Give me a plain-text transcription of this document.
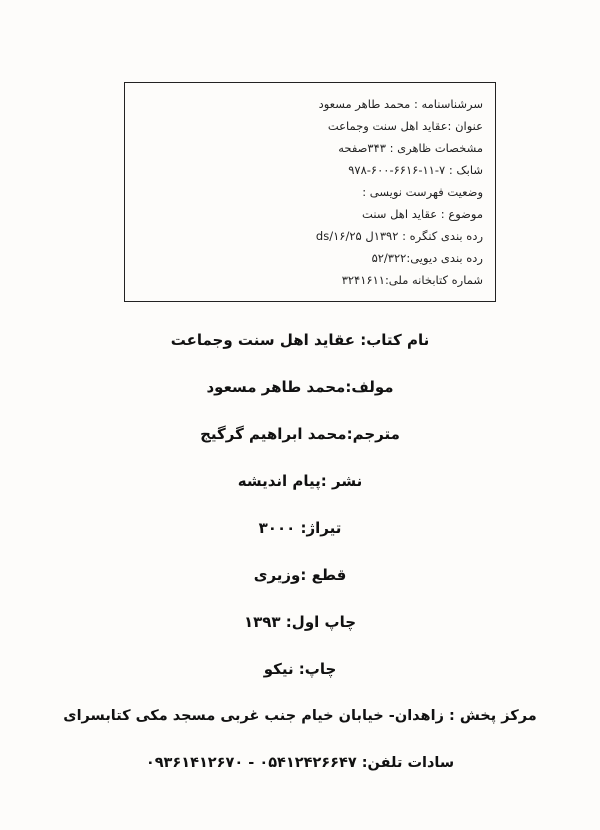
سرشناسنامه : محمد طاهر مسعود
عنوان :عقاید اهل سنت وجماعت
مشخصات ظاهری : ۳۴۳صفحه
شابک : ۷-۱۱-۶۶۱۶-۶۰۰-۹۷۸
وضعیت فهرست نویسی :
موضوع : عقاید اهل سنت
رده بندی کنگره : ۱۳۹۲ل ۲۵/ds/۱۶
رده بندی دیویی:۵۲/۳۲۲
شماره کتابخانه ملی:۳۲۴۱۶۱۱
نام کتاب: عقاید اهل سنت وجماعت
مولف:محمد طاهر مسعود
مترجم:محمد ابراهیم گرگیج
نشر :پیام اندیشه
تیراژ: ۳۰۰۰
قطع :وزیری
چاپ اول: ۱۳۹۳
چاپ: نیکو
مرکز پخش : زاهدان- خیابان خیام جنب غربی مسجد مکی کتابسرای
سادات تلفن: ۰۵۴۱۲۴۲۶۶۴۷ - ۰۹۳۶۱۴۱۲۶۷۰
